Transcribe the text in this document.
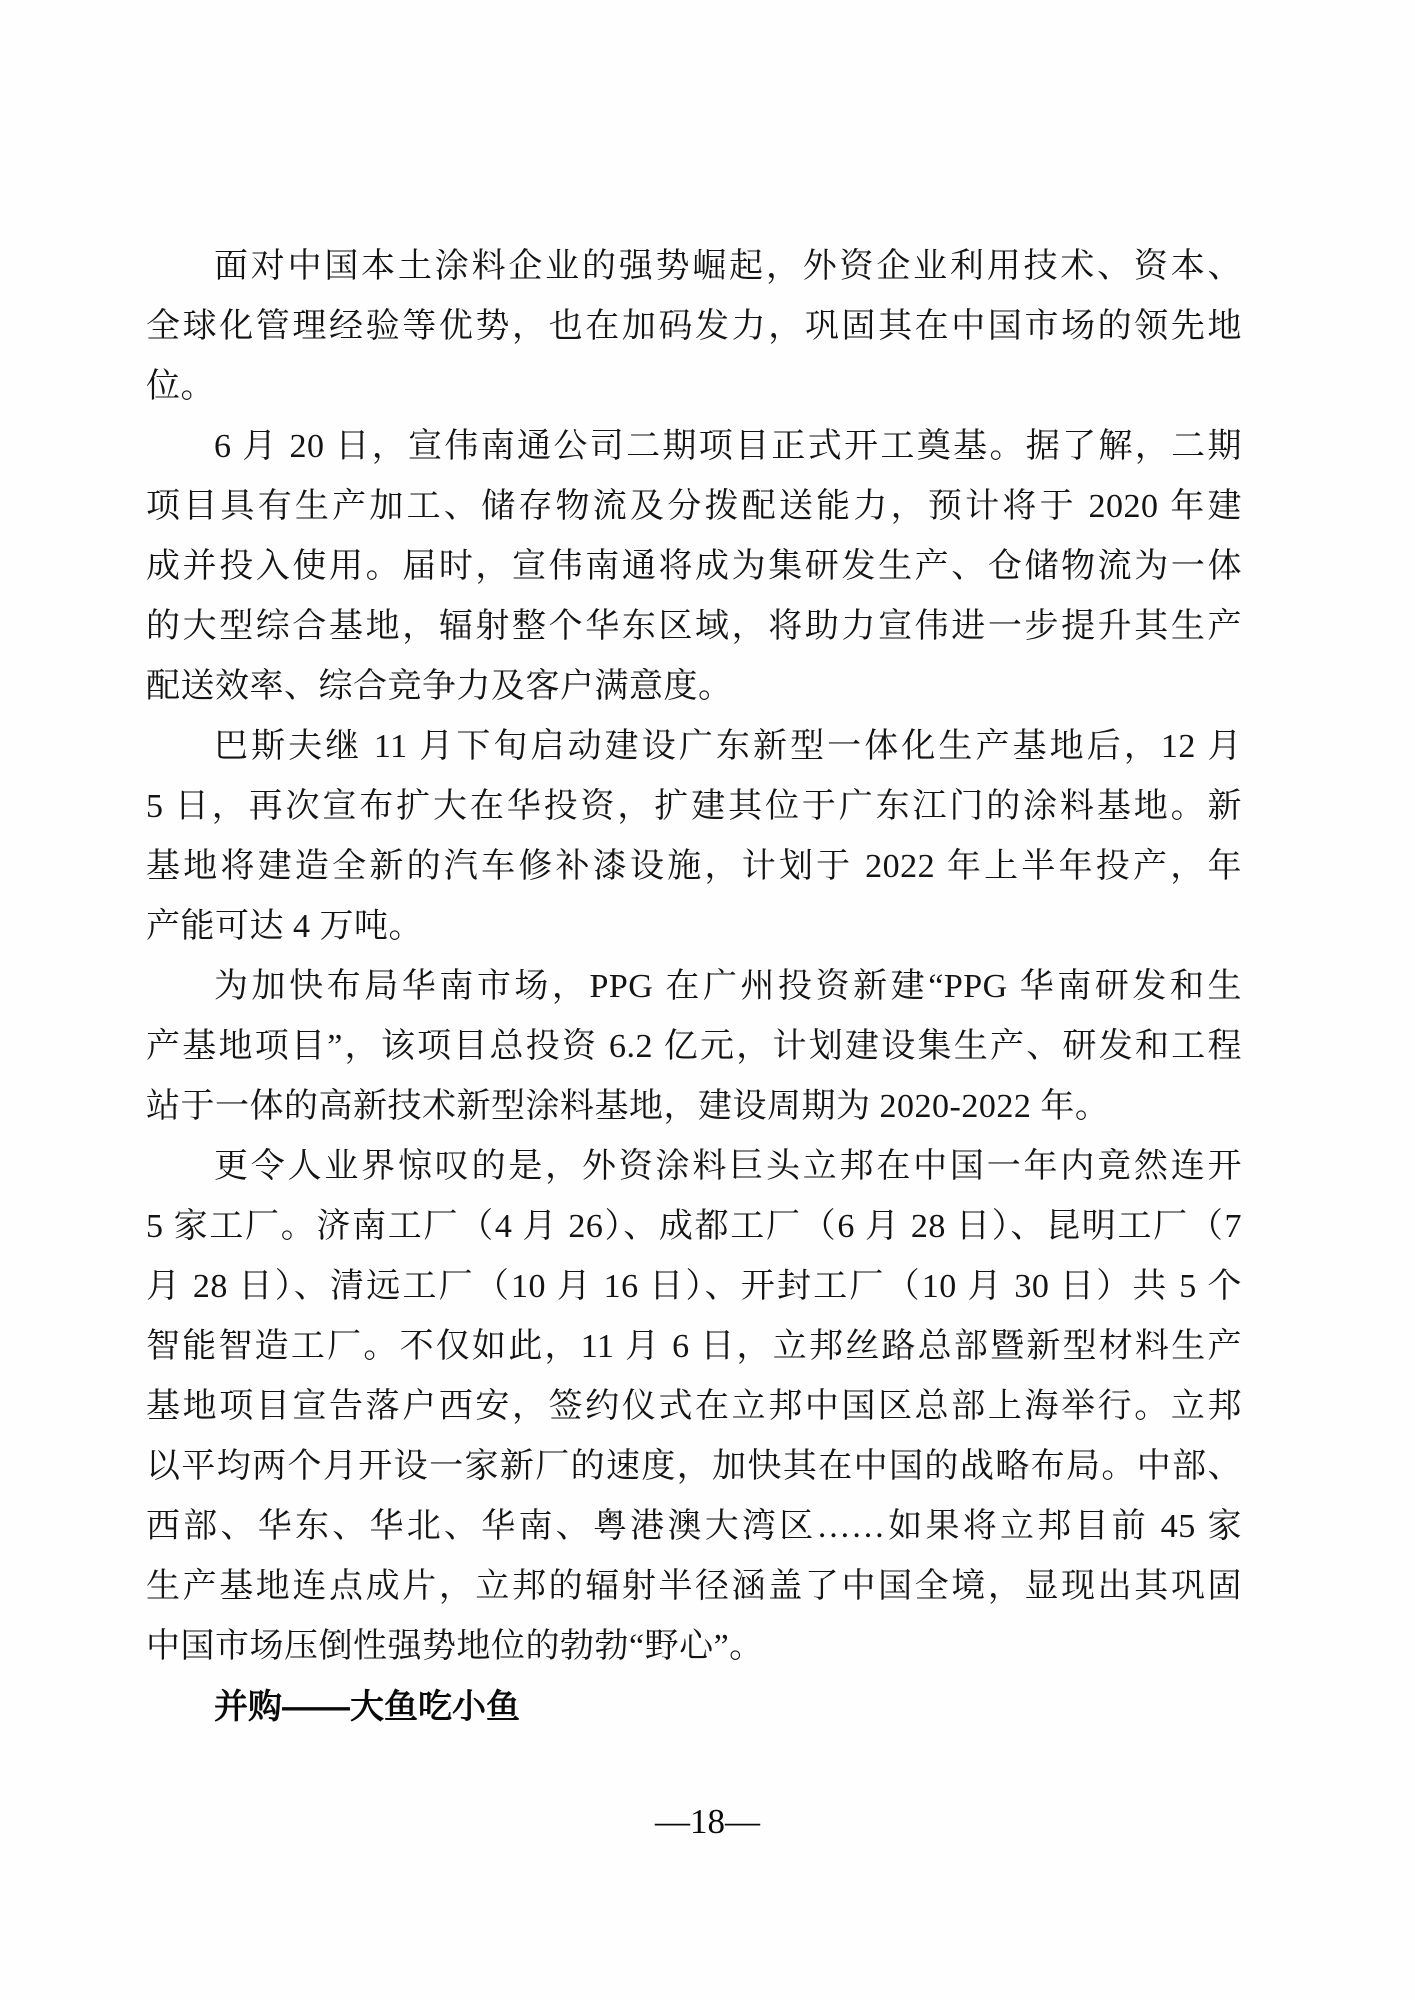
面对中国本土涂料企业的强势崛起，外资企业利用技术、资本、
全球化管理经验等优势，也在加码发力，巩固其在中国市场的领先地
位。
6 月 20 日，宣伟南通公司二期项目正式开工奠基。据了解，二期
项目具有生产加工、储存物流及分拨配送能力，预计将于 2020 年建
成并投入使用。届时，宣伟南通将成为集研发生产、仓储物流为一体
的大型综合基地，辐射整个华东区域，将助力宣伟进一步提升其生产
配送效率、综合竞争力及客户满意度。
巴斯夫继 11 月下旬启动建设广东新型一体化生产基地后，12 月
5 日，再次宣布扩大在华投资，扩建其位于广东江门的涂料基地。新
基地将建造全新的汽车修补漆设施，计划于 2022 年上半年投产，年
产能可达 4 万吨。
为加快布局华南市场，PPG 在广州投资新建“PPG 华南研发和生
产基地项目”，该项目总投资 6.2 亿元，计划建设集生产、研发和工程
站于一体的高新技术新型涂料基地，建设周期为 2020-2022 年。
更令人业界惊叹的是，外资涂料巨头立邦在中国一年内竟然连开
5 家工厂。济南工厂（4 月 26）、成都工厂（6 月 28 日）、昆明工厂（7
月 28 日）、清远工厂（10 月 16 日）、开封工厂（10 月 30 日）共 5 个
智能智造工厂。不仅如此，11 月 6 日，立邦丝路总部暨新型材料生产
基地项目宣告落户西安，签约仪式在立邦中国区总部上海举行。立邦
以平均两个月开设一家新厂的速度，加快其在中国的战略布局。中部、
西部、华东、华北、华南、粤港澳大湾区……如果将立邦目前 45 家
生产基地连点成片，立邦的辐射半径涵盖了中国全境，显现出其巩固
中国市场压倒性强势地位的勃勃“野心”。
并购——大鱼吃小鱼
—18—
